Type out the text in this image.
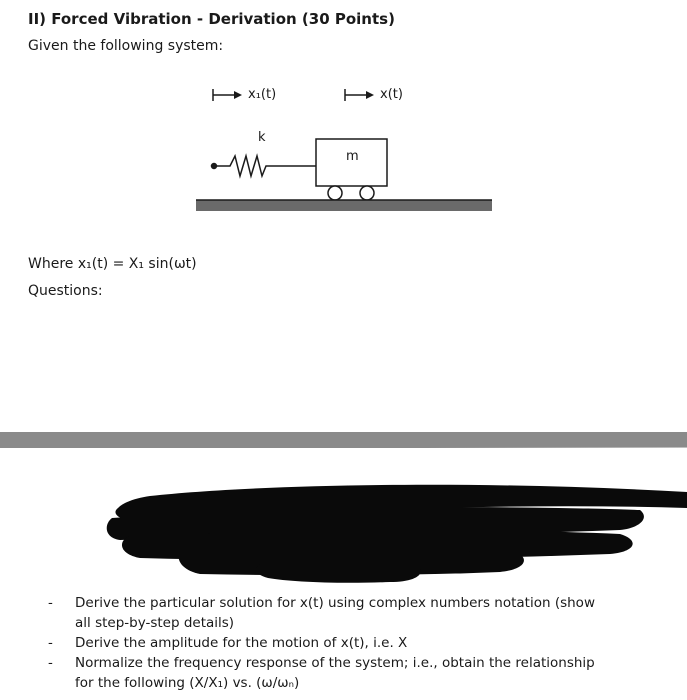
II) Forced Vibration - Derivation (30 Points)
Given the following system:
x₁(t)	x(t)
k
m
Where x₁(t) = X₁ sin(ωt)
Questions:
- Derive the particular solution for x(t) using complex numbers notation (show
all step-by-step details)
- Derive the amplitude for the motion of x(t), i.e. X
- Normalize the frequency response of the system; i.e., obtain the relationship
for the following (X/X₁) vs. (ω/ωₙ)
